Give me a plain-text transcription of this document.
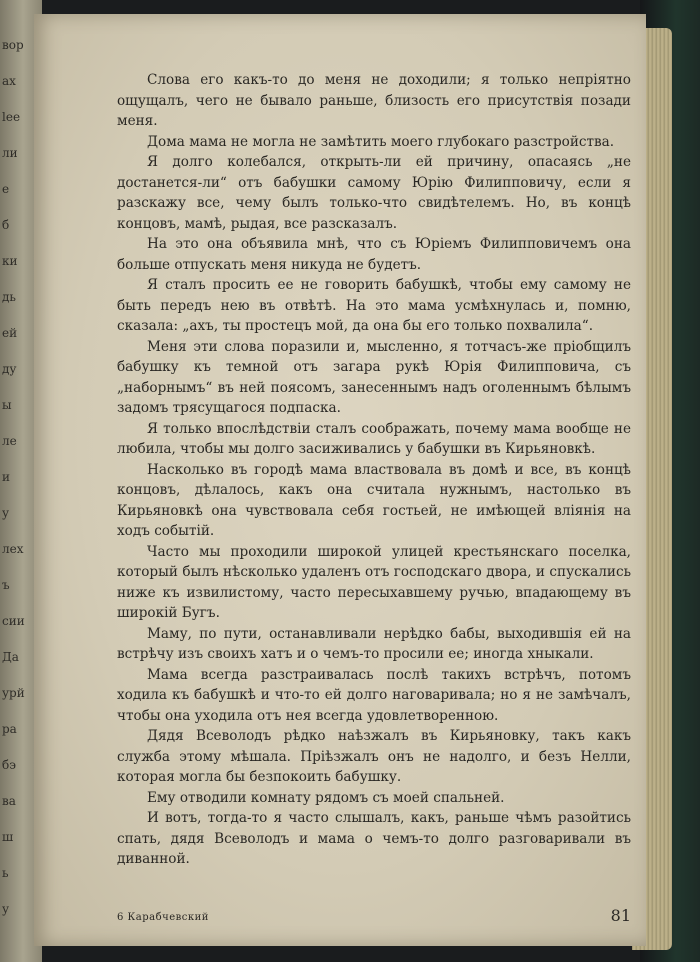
вор
ах
lee
ли
е
б
ки
дь
ей
ду
ы
ле
и
у
лех
ъ
сии
Да
урй
ра
бэ
ва
ш
ь
у

Слова его какъ-то до меня не доходили; я только непріятно ощущалъ, чего не бывало раньше, близость его присутствія позади меня.

Дома мама не могла не замѣтить моего глубокаго разстройства.

Я долго колебался, открыть-ли ей причину, опасаясь „не достанется-ли“ отъ бабушки самому Юрію Филипповичу, если я разскажу все, чему былъ только-что свидѣтелемъ. Но, въ концѣ концовъ, мамѣ, рыдая, все разсказалъ.

На это она объявила мнѣ, что съ Юріемъ Филипповичемъ она больше отпускать меня никуда не будетъ.

Я сталъ просить ее не говорить бабушкѣ, чтобы ему самому не быть передъ нею въ отвѣтѣ. На это мама усмѣхнулась и, помню, сказала: „ахъ, ты простецъ мой, да она бы его только похвалила“.

Меня эти слова поразили и, мысленно, я тотчасъ-же пріобщилъ бабушку къ темной отъ загара рукѣ Юрія Филипповича, съ „наборнымъ“ въ ней поясомъ, занесеннымъ надъ оголеннымъ бѣлымъ задомъ трясущагося подпаска.

Я только впослѣдствіи сталъ соображать, почему мама вообще не любила, чтобы мы долго засиживались у бабушки въ Кирьяновкѣ.

Насколько въ городѣ мама властвовала въ домѣ и все, въ концѣ концовъ, дѣлалось, какъ она считала нужнымъ, настолько въ Кирьяновкѣ она чувствовала себя гостьей, не имѣющей вліянія на ходъ событій.

Часто мы проходили широкой улицей крестьянскаго поселка, который былъ нѣсколько удаленъ отъ господскаго двора, и спускались ниже къ извилистому, часто пересыхавшему ручью, впадающему въ широкій Бугъ.

Маму, по пути, останавливали нерѣдко бабы, выходившія ей на встрѣчу изъ своихъ хатъ и о чемъ-то просили ее; иногда хныкали.

Мама всегда разстраивалась послѣ такихъ встрѣчъ, потомъ ходила къ бабушкѣ и что-то ей долго наговаривала; но я не замѣчалъ, чтобы она уходила отъ нея всегда удовлетворенною.

Дядя Всеволодъ рѣдко наѣзжалъ въ Кирьяновку, такъ какъ служба этому мѣшала. Пріѣзжалъ онъ не надолго, и безъ Нелли, которая могла бы безпокоить бабушку.

Ему отводили комнату рядомъ съ моей спальней.

И вотъ, тогда-то я часто слышалъ, какъ, раньше чѣмъ разойтись спать, дядя Всеволодъ и мама о чемъ-то долго разговаривали въ диванной.

6 Карабчевский	81
